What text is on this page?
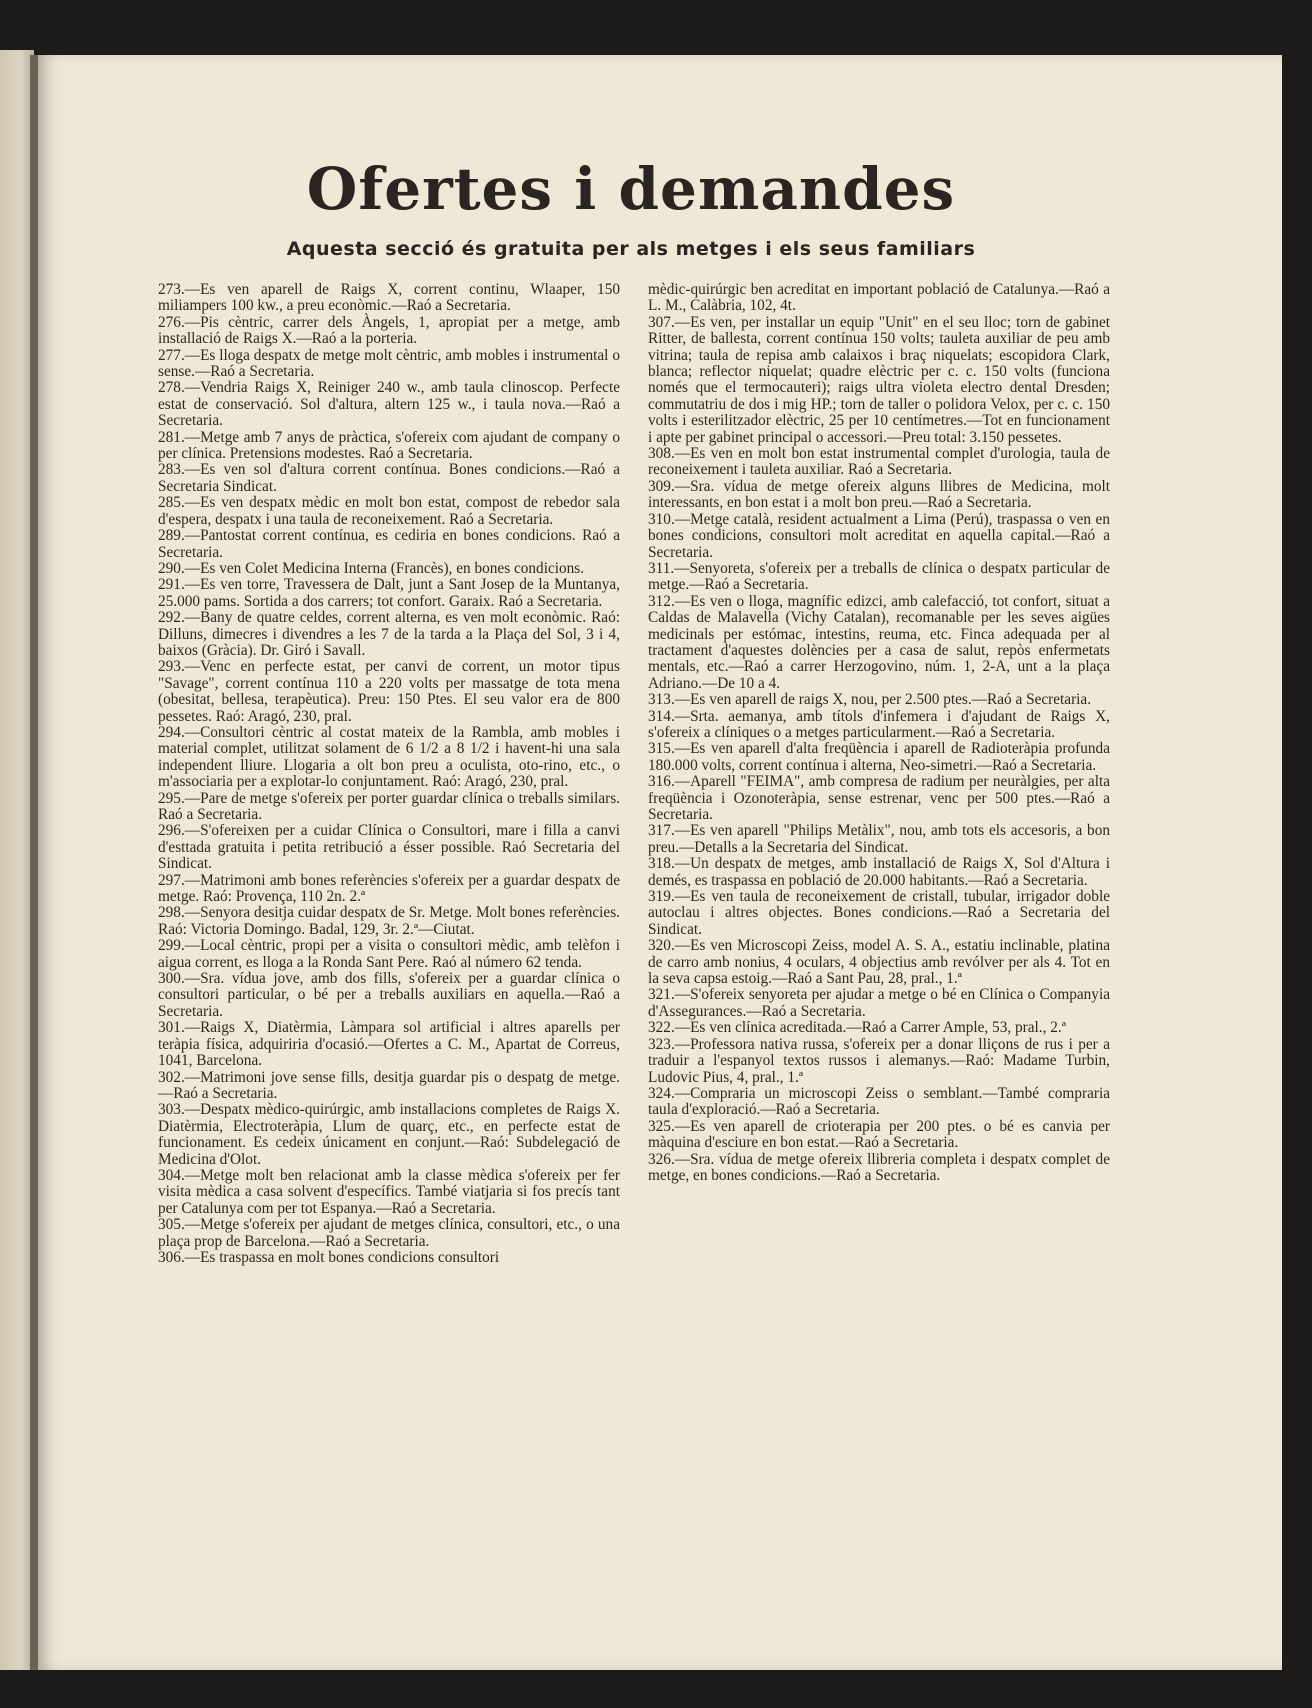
Ofertes i demandes
Aquesta secció és gratuita per als metges i els seus familiars

273.—Es ven aparell de Raigs X, corrent continu, Wlaaper, 150 miliampers 100 kw., a preu econòmic.—Raó a Secretaria.

276.—Pis cèntric, carrer dels Àngels, 1, apropiat per a metge, amb installació de Raigs X.—Raó a la porteria.

277.—Es lloga despatx de metge molt cèntric, amb mobles i instrumental o sense.—Raó a Secretaria.

278.—Vendria Raigs X, Reiniger 240 w., amb taula clinoscop. Perfecte estat de conservació. Sol d'altura, altern 125 w., i taula nova.—Raó a Secretaria.

281.—Metge amb 7 anys de pràctica, s'ofereix com ajudant de company o per clínica. Pretensions modestes. Raó a Secretaria.

283.—Es ven sol d'altura corrent contínua. Bones condicions.—Raó a Secretaria Sindicat.

285.—Es ven despatx mèdic en molt bon estat, compost de rebedor sala d'espera, despatx i una taula de reconeixement. Raó a Secretaria.

289.—Pantostat corrent contínua, es cediria en bones condicions. Raó a Secretaria.

290.—Es ven Colet Medicina Interna (Francès), en bones condicions.

291.—Es ven torre, Travessera de Dalt, junt a Sant Josep de la Muntanya, 25.000 pams. Sortida a dos carrers; tot confort. Garaix. Raó a Secretaria.

292.—Bany de quatre celdes, corrent alterna, es ven molt econòmic. Raó: Dilluns, dimecres i divendres a les 7 de la tarda a la Plaça del Sol, 3 i 4, baixos (Gràcia). Dr. Giró i Savall.

293.—Venc en perfecte estat, per canvi de corrent, un motor tipus "Savage", corrent contínua 110 a 220 volts per massatge de tota mena (obesitat, bellesa, terapèutica). Preu: 150 Ptes. El seu valor era de 800 pessetes. Raó: Aragó, 230, pral.

294.—Consultori cèntric al costat mateix de la Rambla, amb mobles i material complet, utilitzat solament de 6 1/2 a 8 1/2 i havent-hi una sala independent lliure. Llogaria a olt bon preu a oculista, oto-rino, etc., o m'associaria per a explotar-lo conjuntament. Raó: Aragó, 230, pral.

295.—Pare de metge s'ofereix per porter guardar clínica o treballs similars. Raó a Secretaria.

296.—S'ofereixen per a cuidar Clínica o Consultori, mare i filla a canvi d'esttada gratuita i petita retribució a ésser possible. Raó Secretaria del Sindicat.

297.—Matrimoni amb bones referències s'ofereix per a guardar despatx de metge. Raó: Provença, 110 2n. 2.ª

298.—Senyora desitja cuidar despatx de Sr. Metge. Molt bones referències. Raó: Victoria Domingo. Badal, 129, 3r. 2.ª—Ciutat.

299.—Local cèntric, propi per a visita o consultori mèdic, amb telèfon i aigua corrent, es lloga a la Ronda Sant Pere. Raó al número 62 tenda.

300.—Sra. vídua jove, amb dos fills, s'ofereix per a guardar clínica o consultori particular, o bé per a treballs auxiliars en aquella.—Raó a Secretaria.

301.—Raigs X, Diatèrmia, Làmpara sol artificial i altres aparells per teràpia física, adquiriria d'ocasió.—Ofertes a C. M., Apartat de Correus, 1041, Barcelona.

302.—Matrimoni jove sense fills, desitja guardar pis o despatg de metge.—Raó a Secretaria.

303.—Despatx mèdico-quirúrgic, amb installacions completes de Raigs X. Diatèrmia, Electroteràpia, Llum de quarç, etc., en perfecte estat de funcionament. Es cedeix únicament en conjunt.—Raó: Subdelegació de Medicina d'Olot.

304.—Metge molt ben relacionat amb la classe mèdica s'ofereix per fer visita mèdica a casa solvent d'específics. També viatjaria si fos precís tant per Catalunya com per tot Espanya.—Raó a Secretaria.

305.—Metge s'ofereix per ajudant de metges clínica, consultori, etc., o una plaça prop de Barcelona.—Raó a Secretaria.

306.—Es traspassa en molt bones condicions consultori

mèdic-quirúrgic ben acreditat en important població de Catalunya.—Raó a L. M., Calàbria, 102, 4t.

307.—Es ven, per installar un equip "Unit" en el seu lloc; torn de gabinet Ritter, de ballesta, corrent contínua 150 volts; tauleta auxiliar de peu amb vitrina; taula de repisa amb calaixos i braç niquelats; escopidora Clark, blanca; reflector niquelat; quadre elèctric per c. c. 150 volts (funciona només que el termocauteri); raigs ultra violeta electro dental Dresden; commutatriu de dos i mig HP.; torn de taller o polidora Velox, per c. c. 150 volts i esterilitzador elèctric, 25 per 10 centímetres.—Tot en funcionament i apte per gabinet principal o accessori.—Preu total: 3.150 pessetes.

308.—Es ven en molt bon estat instrumental complet d'urologia, taula de reconeixement i tauleta auxiliar. Raó a Secretaria.

309.—Sra. vídua de metge ofereix alguns llibres de Medicina, molt interessants, en bon estat i a molt bon preu.—Raó a Secretaria.

310.—Metge català, resident actualment a Lima (Perú), traspassa o ven en bones condicions, consultori molt acreditat en aquella capital.—Raó a Secretaria.

311.—Senyoreta, s'ofereix per a treballs de clínica o despatx particular de metge.—Raó a Secretaria.

312.—Es ven o lloga, magnífic edizci, amb calefacció, tot confort, situat a Caldas de Malavella (Vichy Catalan), recomanable per les seves aigües medicinals per estómac, intestins, reuma, etc. Finca adequada per al tractament d'aquestes dolències per a casa de salut, repòs enfermetats mentals, etc.—Raó a carrer Herzogovino, núm. 1, 2-A, unt a la plaça Adriano.—De 10 a 4.

313.—Es ven aparell de raigs X, nou, per 2.500 ptes.—Raó a Secretaria.

314.—Srta. aemanya, amb títols d'infemera i d'ajudant de Raigs X, s'ofereix a clíniques o a metges particularment.—Raó a Secretaria.

315.—Es ven aparell d'alta freqüència i aparell de Radioteràpia profunda 180.000 volts, corrent contínua i alterna, Neo-simetri.—Raó a Secretaria.

316.—Aparell "FEIMA", amb compresa de radium per neuràlgies, per alta freqüència i Ozonoteràpia, sense estrenar, venc per 500 ptes.—Raó a Secretaria.

317.—Es ven aparell "Philips Metàlix", nou, amb tots els accesoris, a bon preu.—Detalls a la Secretaria del Sindicat.

318.—Un despatx de metges, amb installació de Raigs X, Sol d'Altura i demés, es traspassa en població de 20.000 habitants.—Raó a Secretaria.

319.—Es ven taula de reconeixement de cristall, tubular, irrigador doble autoclau i altres objectes. Bones condicions.—Raó a Secretaria del Sindicat.

320.—Es ven Microscopi Zeiss, model A. S. A., estatiu inclinable, platina de carro amb nonius, 4 oculars, 4 objectius amb revólver per als 4. Tot en la seva capsa estoig.—Raó a Sant Pau, 28, pral., 1.ª

321.—S'ofereix senyoreta per ajudar a metge o bé en Clínica o Companyia d'Assegurances.—Raó a Secretaria.

322.—Es ven clínica acreditada.—Raó a Carrer Ample, 53, pral., 2.ª

323.—Professora nativa russa, s'ofereix per a donar lliçons de rus i per a traduir a l'espanyol textos russos i alemanys.—Raó: Madame Turbin, Ludovic Pius, 4, pral., 1.ª

324.—Compraria un microscopi Zeiss o semblant.—També compraria taula d'exploració.—Raó a Secretaria.

325.—Es ven aparell de crioterapia per 200 ptes. o bé es canvia per màquina d'esciure en bon estat.—Raó a Secretaria.

326.—Sra. vídua de metge ofereix llibreria completa i despatx complet de metge, en bones condicions.—Raó a Secretaria.
